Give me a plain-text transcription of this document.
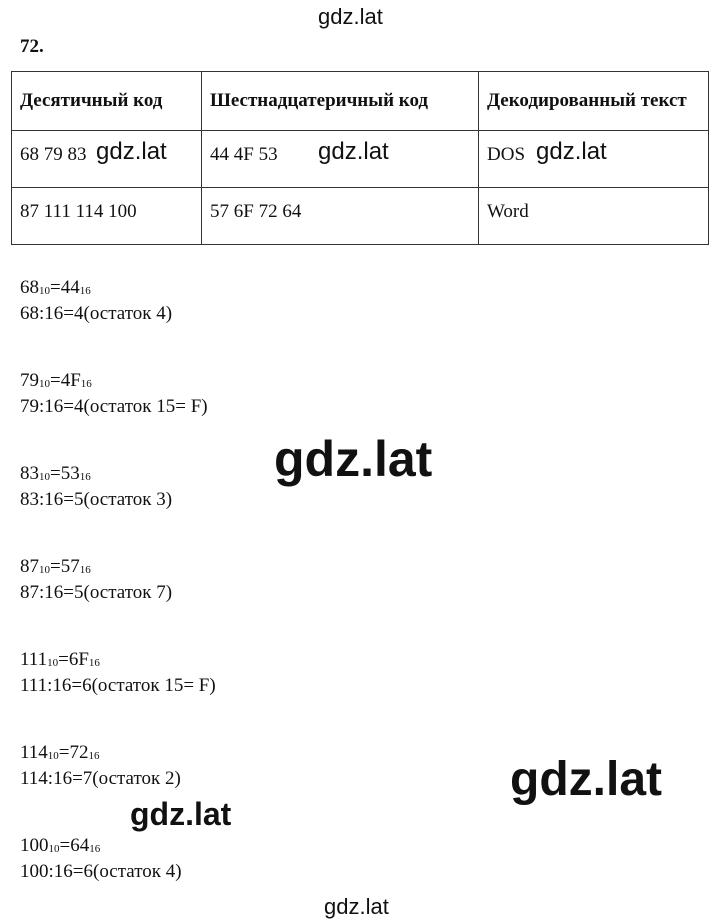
gdz.lat
72.
Десятичный код	Шестнадцатеричный код	Декодированный текст
68 79 83	44 4F 53	DOS
87 111 114 100	57 6F 72 64	Word
gdz.lat	gdz.lat	gdz.lat
$68_{10}=44_{16}$
68:16=4(остаток 4)
$79_{10}=4F_{16}$
79:16=4(остаток 15= F)
$83_{10}=53_{16}$
83:16=5(остаток 3)
$87_{10}=57_{16}$
87:16=5(остаток 7)
$111_{10}=6F_{16}$
111:16=6(остаток 15= F)
$114_{10}=72_{16}$
114:16=7(остаток 2)
$100_{10}=64_{16}$
100:16=6(остаток 4)
gdz.lat
gdz.lat
gdz.lat
gdz.lat
